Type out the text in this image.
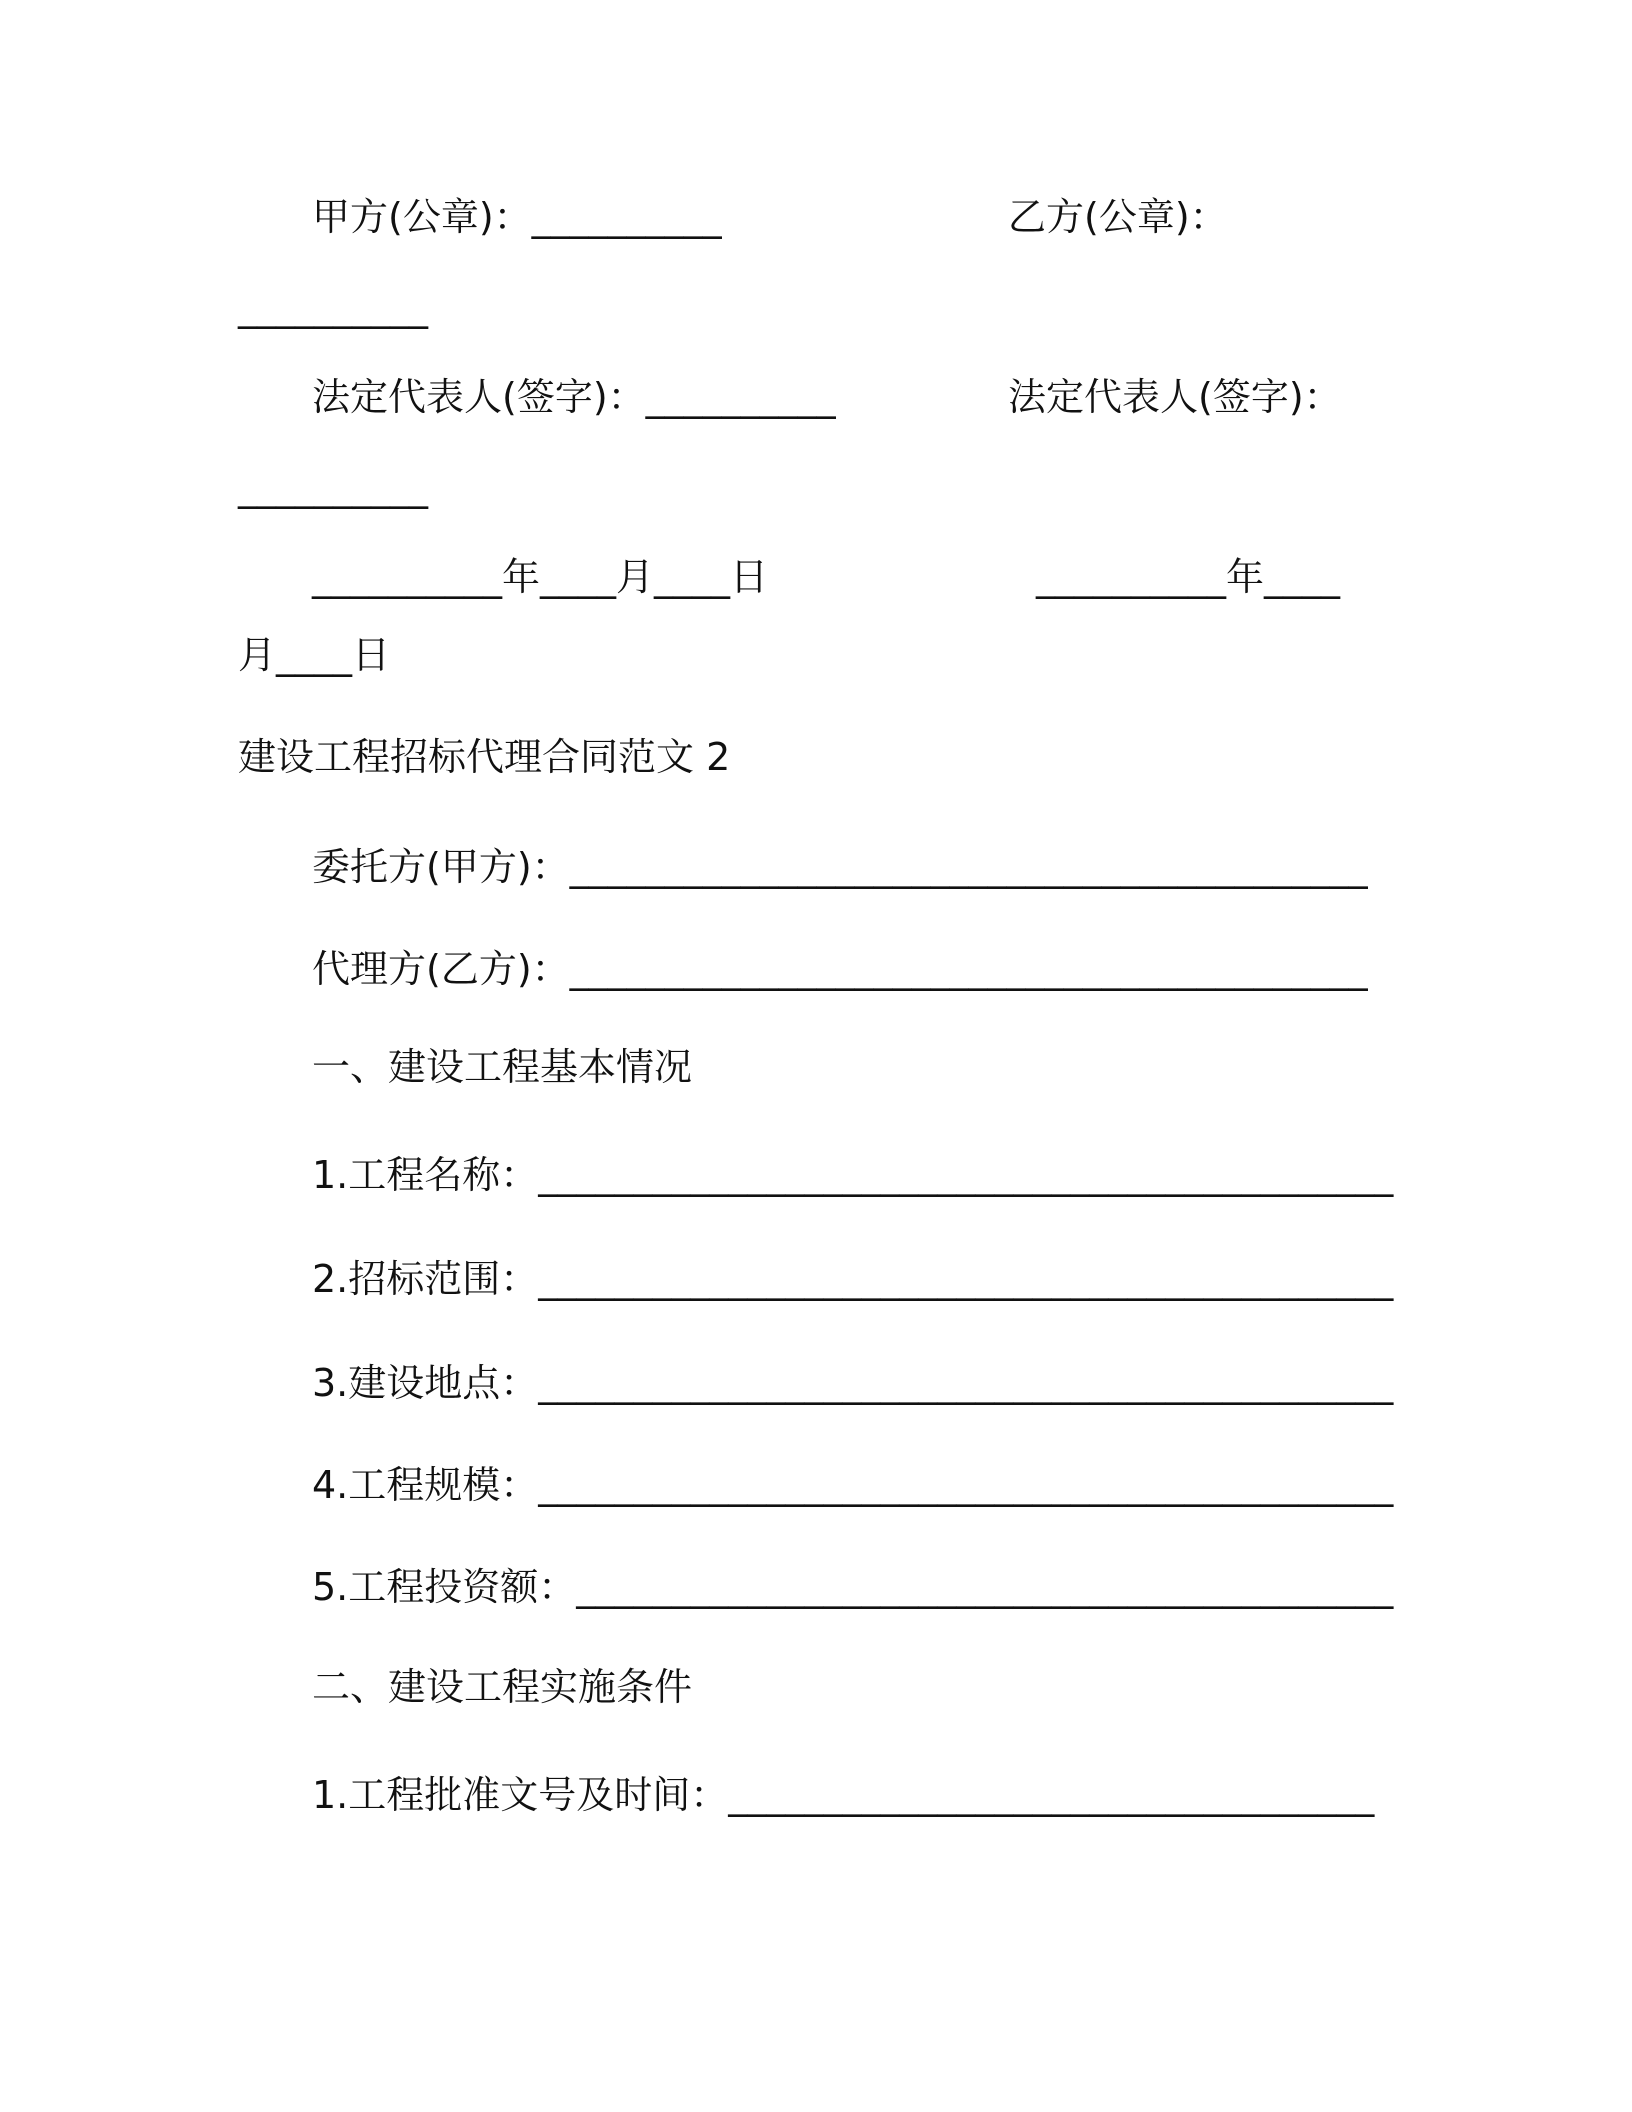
甲方(公章)：__________	乙方(公章)：
__________
法定代表人(签字)：__________	法定代表人(签字)：
__________
__________年____月____日	__________年____
月____日
建设工程招标代理合同范文 2
委托方(甲方)：__________________________________________
代理方(乙方)：__________________________________________
一、建设工程基本情况
1.工程名称：_____________________________________________
2.招标范围：_____________________________________________
3.建设地点：_____________________________________________
4.工程规模：_____________________________________________
5.工程投资额：___________________________________________
二、建设工程实施条件
1.工程批准文号及时间：__________________________________
